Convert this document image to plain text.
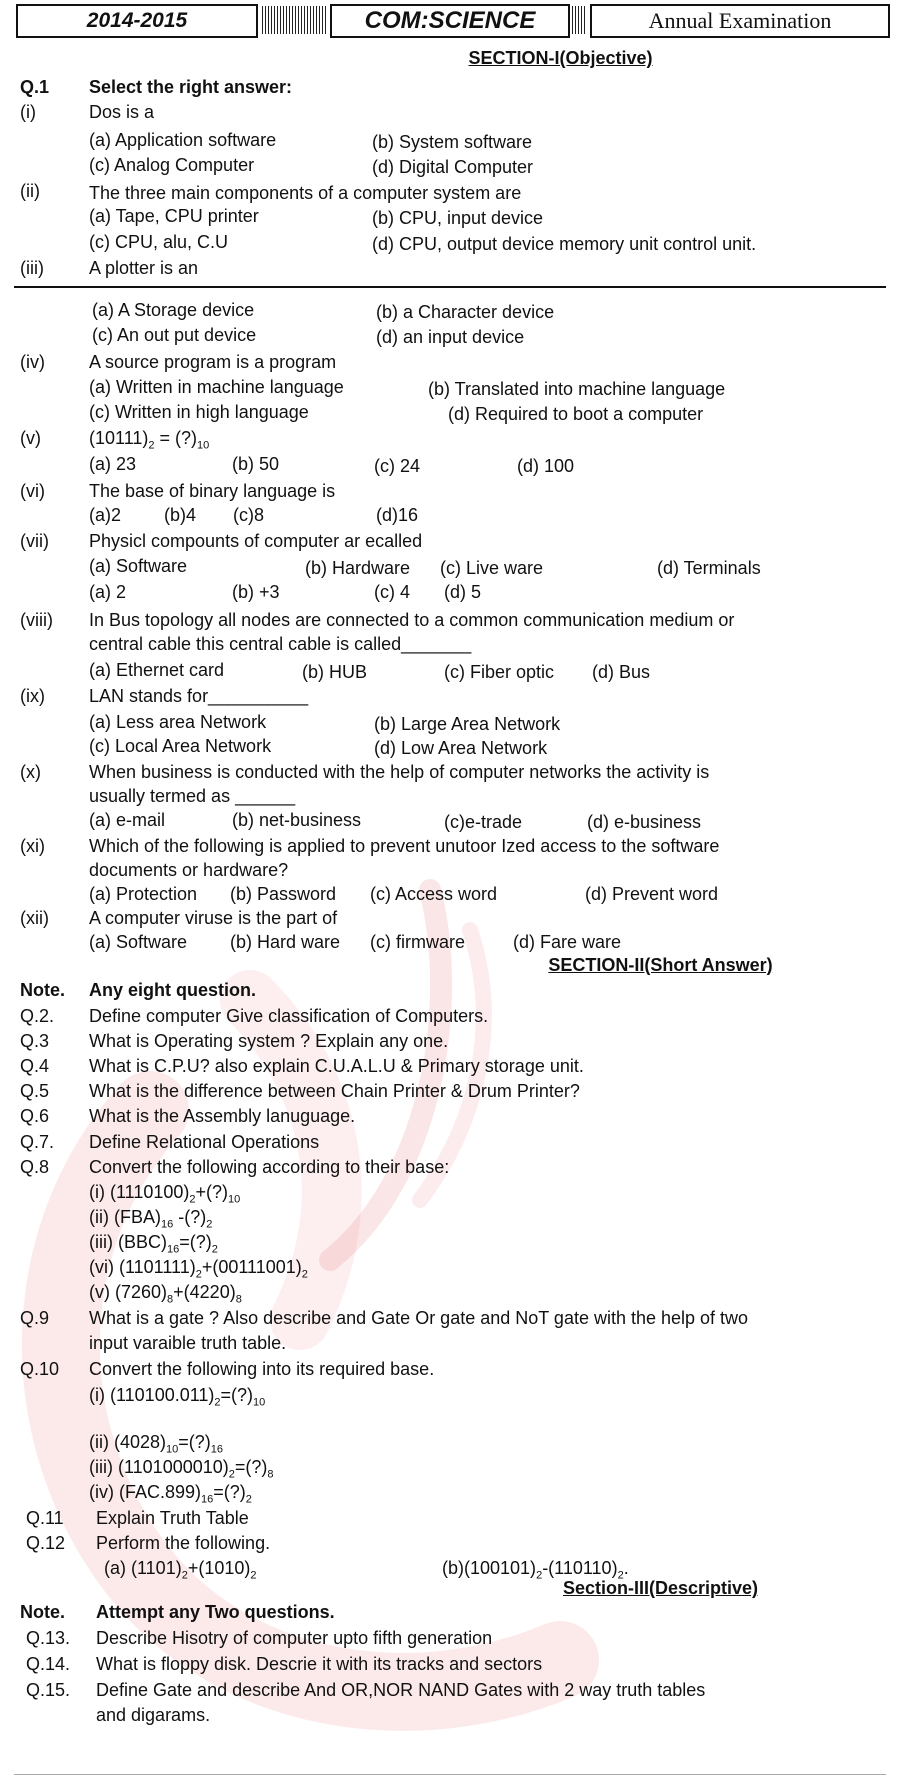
2014-2015	COM:SCIENCE	Annual Examination
SECTION-I(Objective)
Q.1 Select the right answer:
(i)	Dos is a
(a) Application software	(b) System software
(c) Analog Computer	(d) Digital Computer
(ii)	The three main components of a computer system are
(a) Tape, CPU printer	(b) CPU, input device
(c) CPU, alu, C.U	(d) CPU, output device memory unit control unit.
(iii)	A plotter is an
(a) A Storage device	(b) a Character device
(c) An out put device	(d) an input device
(iv) A source program is a program
(a) Written in machine language	(b) Translated into machine language
(c) Written in high language	(d) Required to boot a computer
(v)	$(10111)_2$ = $(?)_{10}$
(a) 23	(b) 50	(c) 24	(d) 100
(vi) The base of binary language is
(a)2 (b)4 (c)8	(d)16
(vii) Physicl compounts of computer ar ecalled
(a) Software	(b) Hardware (c) Live ware	(d) Terminals
(a) 2	(b) +3	(c) 4 (d) 5
(viii) In Bus topology all nodes are connected to a common communication medium or
central cable this central cable is called_______
(a) Ethernet card	(b) HUB	(c) Fiber optic (d) Bus
(ix) LAN stands for__________
(a) Less area Network	(b) Large Area Network
(c) Local Area Network	(d) Low Area Network
(x)	When business is conducted with the help of computer networks the activity is
usually termed as ______
(a) e-mail	(b) net-business	(c)e-trade	(d) e-business
(xi) Which of the following is applied to prevent unutoor Ized access to the software
documents or hardware?
(a) Protection (b) Password (c) Access word	(d) Prevent word
(xii) A computer viruse is the part of
(a) Software (b) Hard ware (c) firmware	(d) Fare ware
SECTION-II(Short Answer)
Note. Any eight question.
Q.2. Define computer Give classification of Computers.
Q.3 What is Operating system ? Explain any one.
Q.4 What is C.P.U? also explain C.U.A.L.U & Primary storage unit.
Q.5 What is the difference between Chain Printer & Drum Printer?
Q.6 What is the Assembly lanuguage.
Q.7. Define Relational Operations
Q.8 Convert the following according to their base:
(i) $(1110100)_2+(?)_{10}$
(ii) $(FBA)_{16}$ $-(?)_2$
(iii) $(BBC)_{16}=(?)_2$
(vi) $(1101111)_2+(00111001)_2$
(v) $(7260)_8+(4220)_8$
Q.9 What is a gate ? Also describe and Gate Or gate and NoT gate with the help of two
input varaible truth table.
Q.10 Convert the following into its required base.
(i) $(110100.011)_2=(?)_{10}$
(ii) $(4028)_{10}=(?)_{16}$
(iii) $(1101000010)_2=(?)_8$
(iv) $(FAC.899)_{16}=(?)_2$
Q.11 Explain Truth Table
Q.12 Perform the following.
(a) $(1101)_2+(1010)_2$	$(b)(100101)_2-(110110)_2$.
Section-III(Descriptive)
Note. Attempt any Two questions.
Q.13. Describe Hisotry of computer upto fifth generation
Q.14. What is floppy disk. Descrie it with its tracks and sectors
Q.15. Define Gate and describe And OR,NOR NAND Gates with 2 way truth tables
and digarams.
